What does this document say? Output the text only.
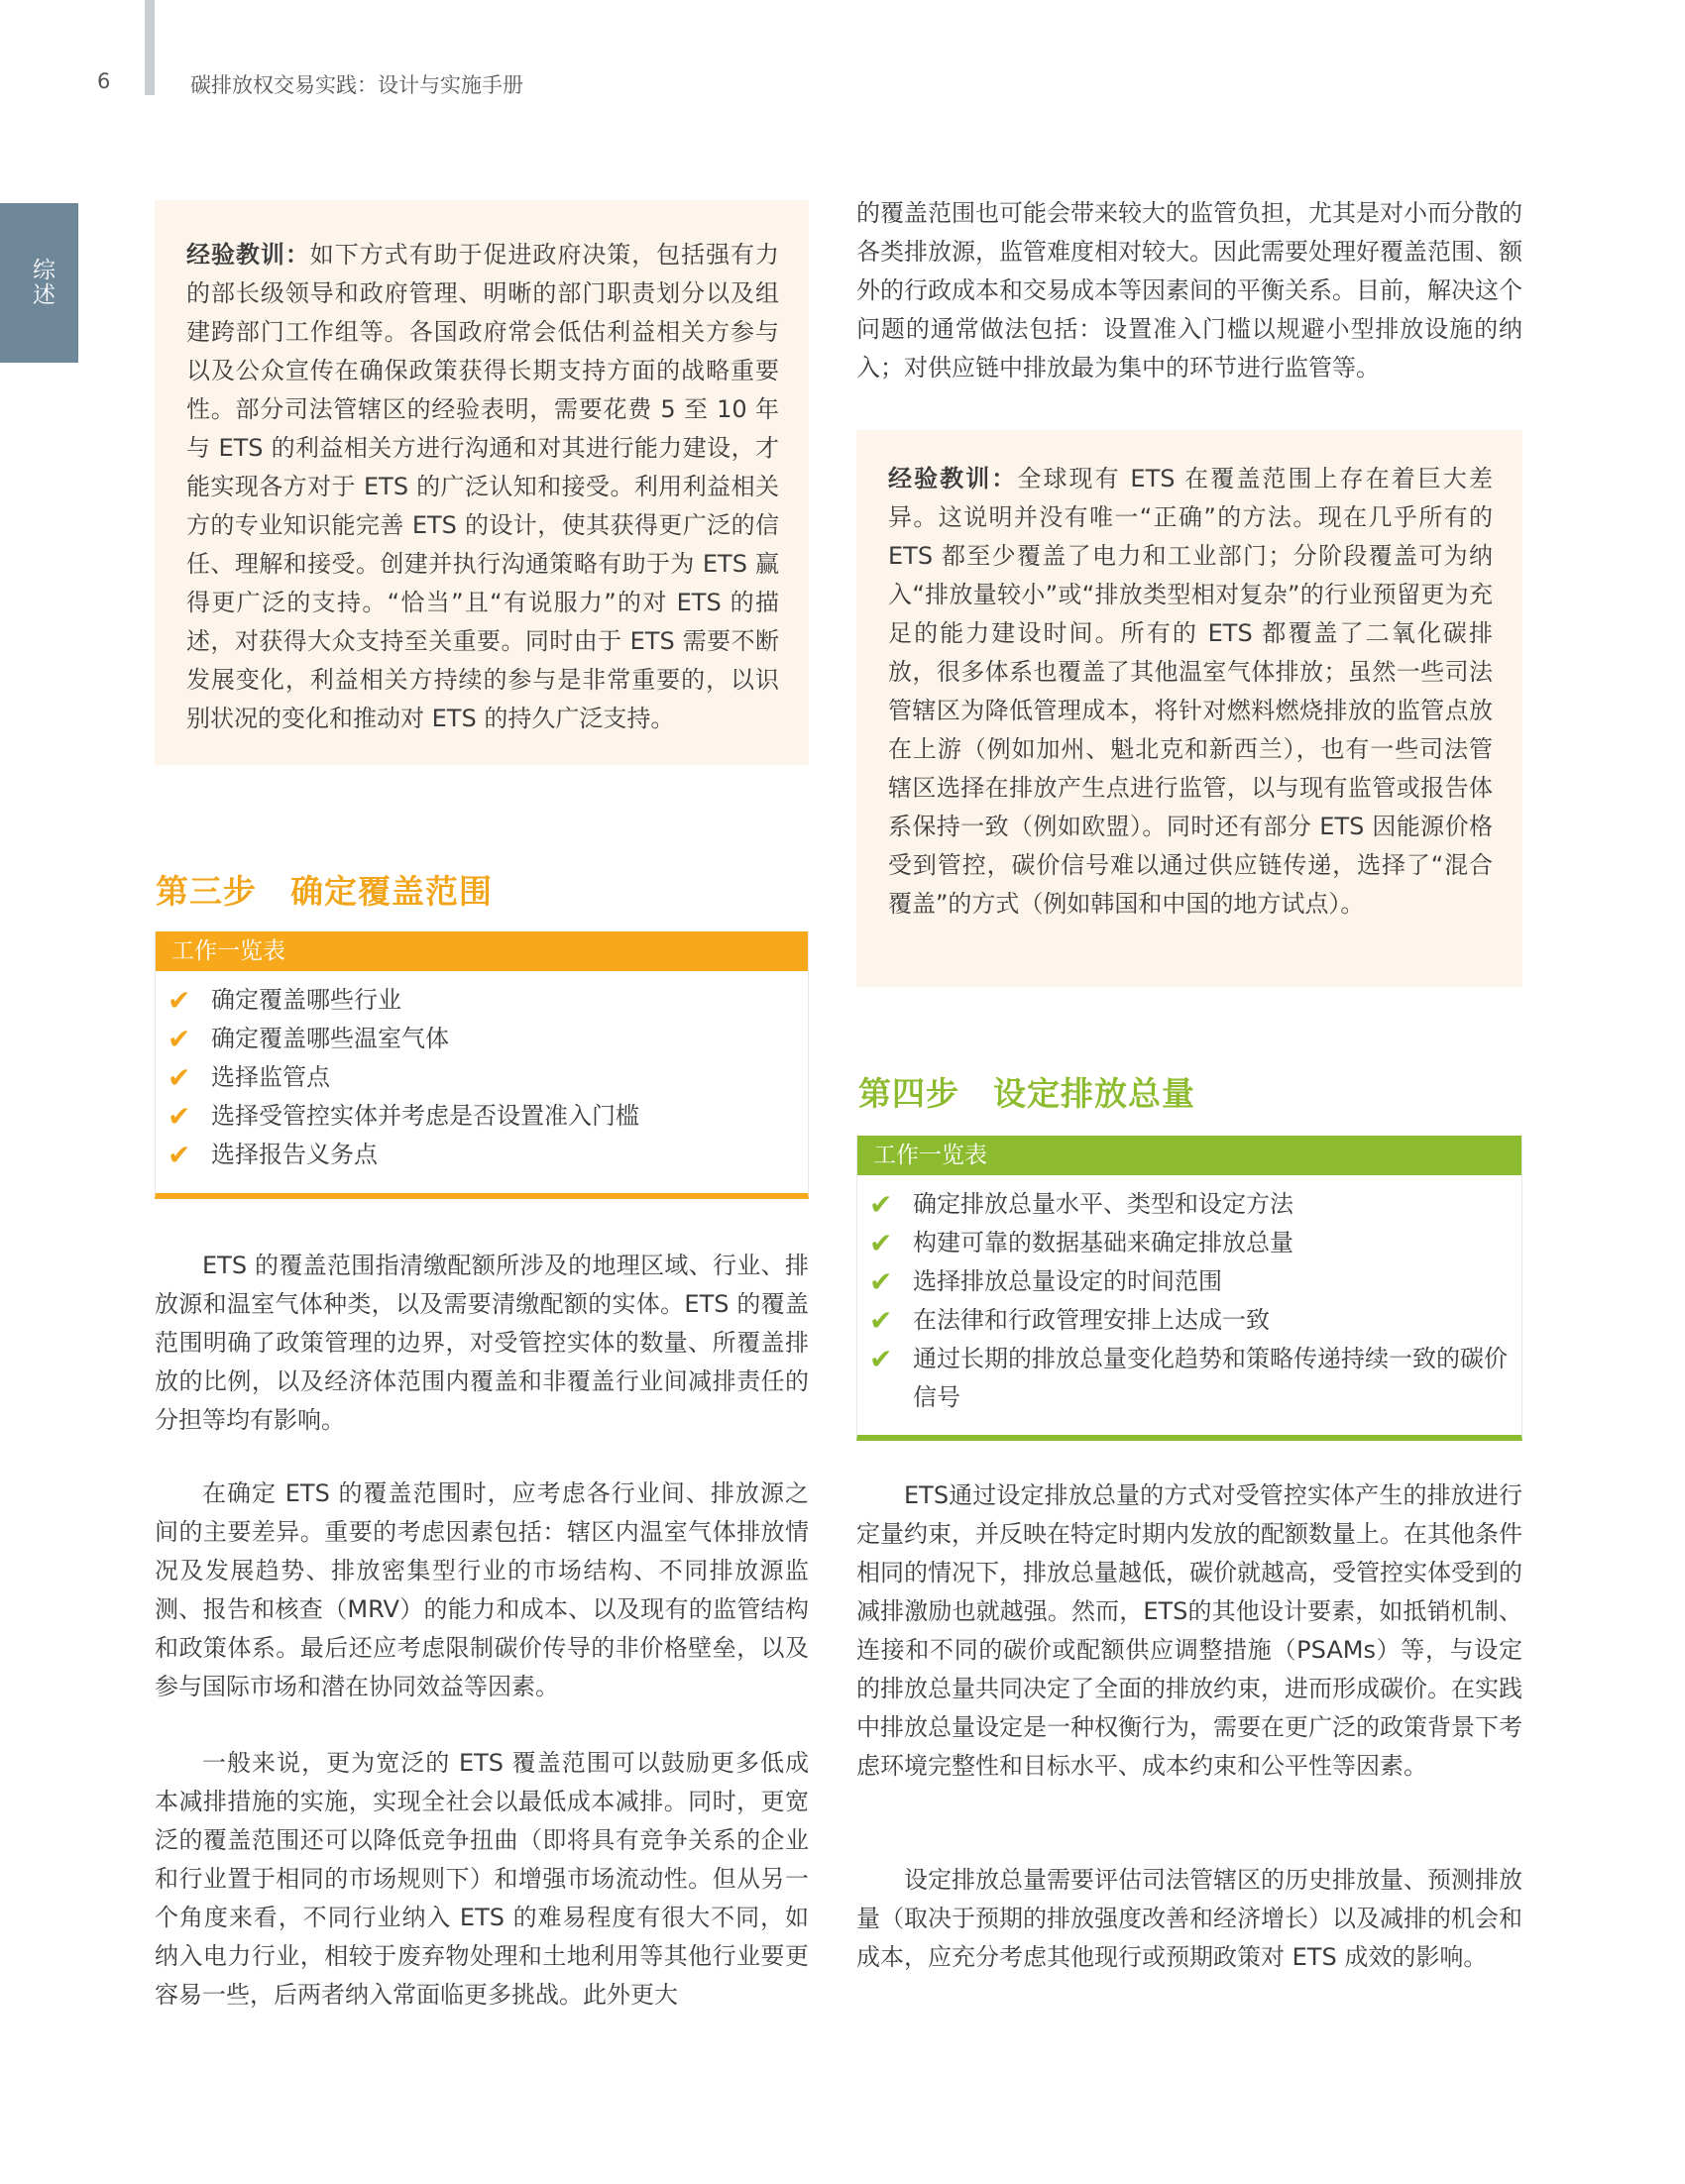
6	碳排放权交易实践：设计与实施手册
综述

经验教训：如下方式有助于促进政府决策，包括强有力的部长级领导和政府管理、明晰的部门职责划分以及组建跨部门工作组等。各国政府常会低估利益相关方参与以及公众宣传在确保政策获得长期支持方面的战略重要性。部分司法管辖区的经验表明，需要花费 5 至 10 年与 ETS 的利益相关方进行沟通和对其进行能力建设，才能实现各方对于 ETS 的广泛认知和接受。利用利益相关方的专业知识能完善 ETS 的设计，使其获得更广泛的信任、理解和接受。创建并执行沟通策略有助于为 ETS 赢得更广泛的支持。“恰当”且“有说服力”的对 ETS 的描述，对获得大众支持至关重要。同时由于 ETS 需要不断发展变化，利益相关方持续的参与是非常重要的，以识别状况的变化和推动对 ETS 的持久广泛支持。

第三步　确定覆盖范围
工作一览表
✔ 确定覆盖哪些行业
✔ 确定覆盖哪些温室气体
✔ 选择监管点
✔ 选择受管控实体并考虑是否设置准入门槛
✔ 选择报告义务点

ETS 的覆盖范围指清缴配额所涉及的地理区域、行业、排放源和温室气体种类，以及需要清缴配额的实体。ETS 的覆盖范围明确了政策管理的边界，对受管控实体的数量、所覆盖排放的比例，以及经济体范围内覆盖和非覆盖行业间减排责任的分担等均有影响。

在确定 ETS 的覆盖范围时，应考虑各行业间、排放源之间的主要差异。重要的考虑因素包括：辖区内温室气体排放情况及发展趋势、排放密集型行业的市场结构、不同排放源监测、报告和核查（MRV）的能力和成本、以及现有的监管结构和政策体系。最后还应考虑限制碳价传导的非价格壁垒，以及参与国际市场和潜在协同效益等因素。

一般来说，更为宽泛的 ETS 覆盖范围可以鼓励更多低成本减排措施的实施，实现全社会以最低成本减排。同时，更宽泛的覆盖范围还可以降低竞争扭曲（即将具有竞争关系的企业和行业置于相同的市场规则下）和增强市场流动性。但从另一个角度来看，不同行业纳入 ETS 的难易程度有很大不同，如纳入电力行业，相较于废弃物处理和土地利用等其他行业要更容易一些，后两者纳入常面临更多挑战。此外更大

的覆盖范围也可能会带来较大的监管负担，尤其是对小而分散的各类排放源，监管难度相对较大。因此需要处理好覆盖范围、额外的行政成本和交易成本等因素间的平衡关系。目前，解决这个问题的通常做法包括：设置准入门槛以规避小型排放设施的纳入；对供应链中排放最为集中的环节进行监管等。

经验教训：全球现有 ETS 在覆盖范围上存在着巨大差异。这说明并没有唯一“正确”的方法。现在几乎所有的 ETS 都至少覆盖了电力和工业部门；分阶段覆盖可为纳入“排放量较小”或“排放类型相对复杂”的行业预留更为充足的能力建设时间。所有的 ETS 都覆盖了二氧化碳排放，很多体系也覆盖了其他温室气体排放；虽然一些司法管辖区为降低管理成本，将针对燃料燃烧排放的监管点放在上游（例如加州、魁北克和新西兰），也有一些司法管辖区选择在排放产生点进行监管，以与现有监管或报告体系保持一致（例如欧盟）。同时还有部分 ETS 因能源价格受到管控，碳价信号难以通过供应链传递，选择了“混合覆盖”的方式（例如韩国和中国的地方试点）。

第四步　设定排放总量
工作一览表
✔ 确定排放总量水平、类型和设定方法
✔ 构建可靠的数据基础来确定排放总量
✔ 选择排放总量设定的时间范围
✔ 在法律和行政管理安排上达成一致
✔ 通过长期的排放总量变化趋势和策略传递持续一致的碳价信号

ETS通过设定排放总量的方式对受管控实体产生的排放进行定量约束，并反映在特定时期内发放的配额数量上。在其他条件相同的情况下，排放总量越低，碳价就越高，受管控实体受到的减排激励也就越强。然而，ETS的其他设计要素，如抵销机制、连接和不同的碳价或配额供应调整措施（PSAMs）等，与设定的排放总量共同决定了全面的排放约束，进而形成碳价。在实践中排放总量设定是一种权衡行为，需要在更广泛的政策背景下考虑环境完整性和目标水平、成本约束和公平性等因素。

设定排放总量需要评估司法管辖区的历史排放量、预测排放量（取决于预期的排放强度改善和经济增长）以及减排的机会和成本，应充分考虑其他现行或预期政策对 ETS 成效的影响。
